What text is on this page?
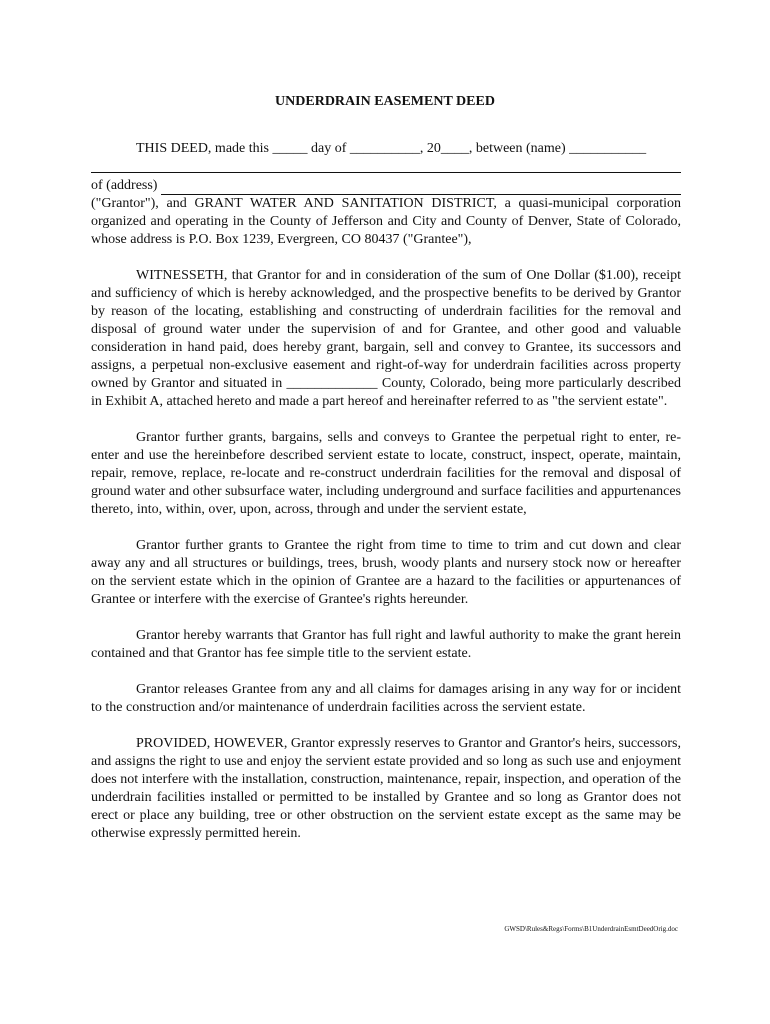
UNDERDRAIN EASEMENT DEED

THIS DEED, made this _____ day of __________, 20____, between (name) ___________

of (address)

("Grantor"), and GRANT WATER AND SANITATION DISTRICT, a quasi-municipal corporation organized and operating in the County of Jefferson and City and County of Denver, State of Colorado, whose address is P.O. Box 1239, Evergreen, CO 80437 ("Grantee"),

WITNESSETH, that Grantor for and in consideration of the sum of One Dollar ($1.00), receipt and sufficiency of which is hereby acknowledged, and the prospective benefits to be derived by Grantor by reason of the locating, establishing and constructing of underdrain facilities for the removal and disposal of ground water under the supervision of and for Grantee, and other good and valuable consideration in hand paid, does hereby grant, bargain, sell and convey to Grantee, its successors and assigns, a perpetual non-exclusive easement and right-of-way for underdrain facilities across property owned by Grantor and situated in _____________ County, Colorado, being more particularly described in Exhibit A, attached hereto and made a part hereof and hereinafter referred to as "the servient estate".

Grantor further grants, bargains, sells and conveys to Grantee the perpetual right to enter, re-enter and use the hereinbefore described servient estate to locate, construct, inspect, operate, maintain, repair, remove, replace, re-locate and re-construct underdrain facilities for the removal and disposal of ground water and other subsurface water, including underground and surface facilities and appurtenances thereto, into, within, over, upon, across, through and under the servient estate,

Grantor further grants to Grantee the right from time to time to trim and cut down and clear away any and all structures or buildings, trees, brush, woody plants and nursery stock now or hereafter on the servient estate which in the opinion of Grantee are a hazard to the facilities or appurtenances of Grantee or interfere with the exercise of Grantee's rights hereunder.

Grantor hereby warrants that Grantor has full right and lawful authority to make the grant herein contained and that Grantor has fee simple title to the servient estate.

Grantor releases Grantee from any and all claims for damages arising in any way for or incident to the construction and/or maintenance of underdrain facilities across the servient estate.

PROVIDED, HOWEVER, Grantor expressly reserves to Grantor and Grantor's heirs, successors, and assigns the right to use and enjoy the servient estate provided and so long as such use and enjoyment does not interfere with the installation, construction, maintenance, repair, inspection, and operation of the underdrain facilities installed or permitted to be installed by Grantee and so long as Grantor does not erect or place any building, tree or other obstruction on the servient estate except as the same may be otherwise expressly permitted herein.

GWSD\Rules&Regs\Forms\B1UnderdrainEsmtDeedOrig.doc
